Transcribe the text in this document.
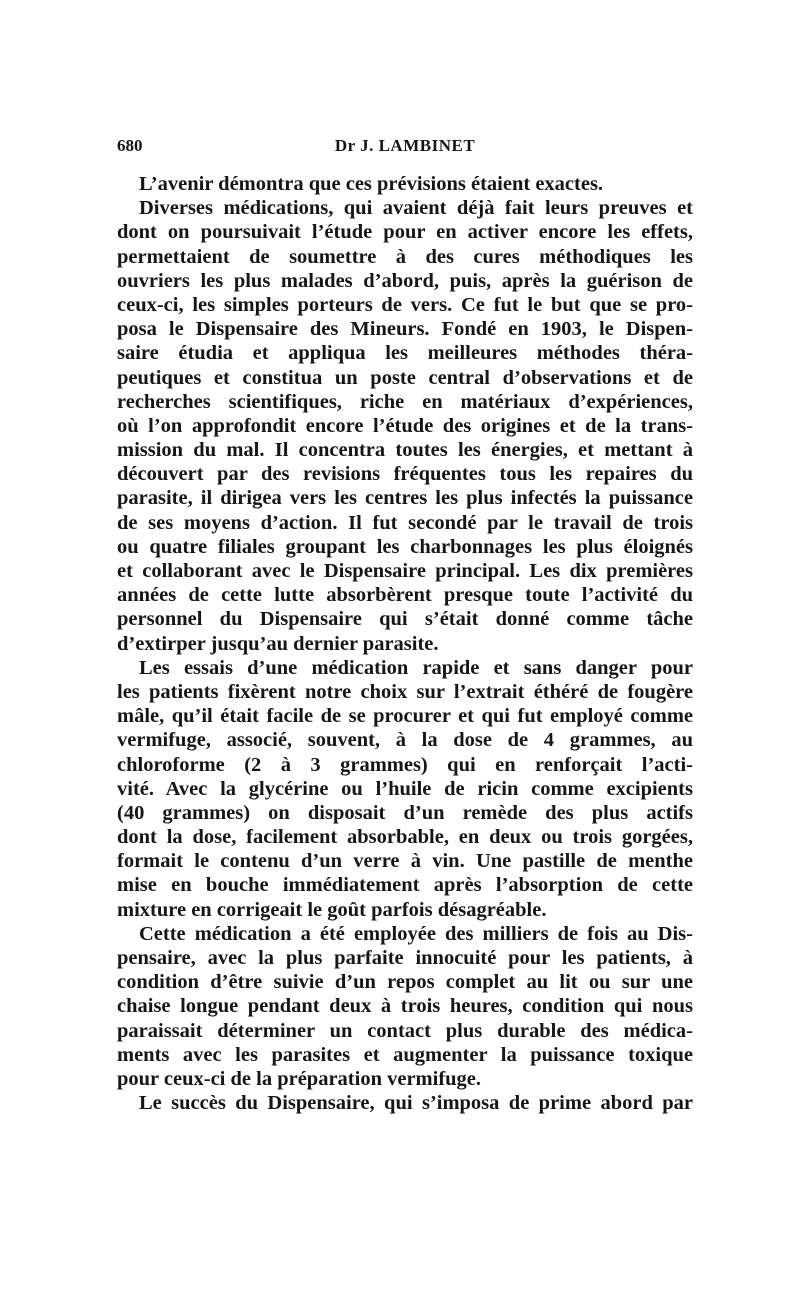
680	Dr J. LAMBINET
L’avenir démontra que ces prévisions étaient exactes.
Diverses médications, qui avaient déjà fait leurs preuves et
dont on poursuivait l’étude pour en activer encore les effets,
permettaient de soumettre à des cures méthodiques les
ouvriers les plus malades d’abord, puis, après la guérison de
ceux-ci, les simples porteurs de vers. Ce fut le but que se pro-
posa le Dispensaire des Mineurs. Fondé en 1903, le Dispen-
saire étudia et appliqua les meilleures méthodes théra-
peutiques et constitua un poste central d’observations et de
recherches scientifiques, riche en matériaux d’expériences,
où l’on approfondit encore l’étude des origines et de la trans-
mission du mal. Il concentra toutes les énergies, et mettant à
découvert par des revisions fréquentes tous les repaires du
parasite, il dirigea vers les centres les plus infectés la puissance
de ses moyens d’action. Il fut secondé par le travail de trois
ou quatre filiales groupant les charbonnages les plus éloignés
et collaborant avec le Dispensaire principal. Les dix premières
années de cette lutte absorbèrent presque toute l’activité du
personnel du Dispensaire qui s’était donné comme tâche
d’extirper jusqu’au dernier parasite.
Les essais d’une médication rapide et sans danger pour
les patients fixèrent notre choix sur l’extrait éthéré de fougère
mâle, qu’il était facile de se procurer et qui fut employé comme
vermifuge, associé, souvent, à la dose de 4 grammes, au
chloroforme (2 à 3 grammes) qui en renforçait l’acti-
vité. Avec la glycérine ou l’huile de ricin comme excipients
(40 grammes) on disposait d’un remède des plus actifs
dont la dose, facilement absorbable, en deux ou trois gorgées,
formait le contenu d’un verre à vin. Une pastille de menthe
mise en bouche immédiatement après l’absorption de cette
mixture en corrigeait le goût parfois désagréable.
Cette médication a été employée des milliers de fois au Dis-
pensaire, avec la plus parfaite innocuité pour les patients, à
condition d’être suivie d’un repos complet au lit ou sur une
chaise longue pendant deux à trois heures, condition qui nous
paraissait déterminer un contact plus durable des médica-
ments avec les parasites et augmenter la puissance toxique
pour ceux-ci de la préparation vermifuge.
Le succès du Dispensaire, qui s’imposa de prime abord par
